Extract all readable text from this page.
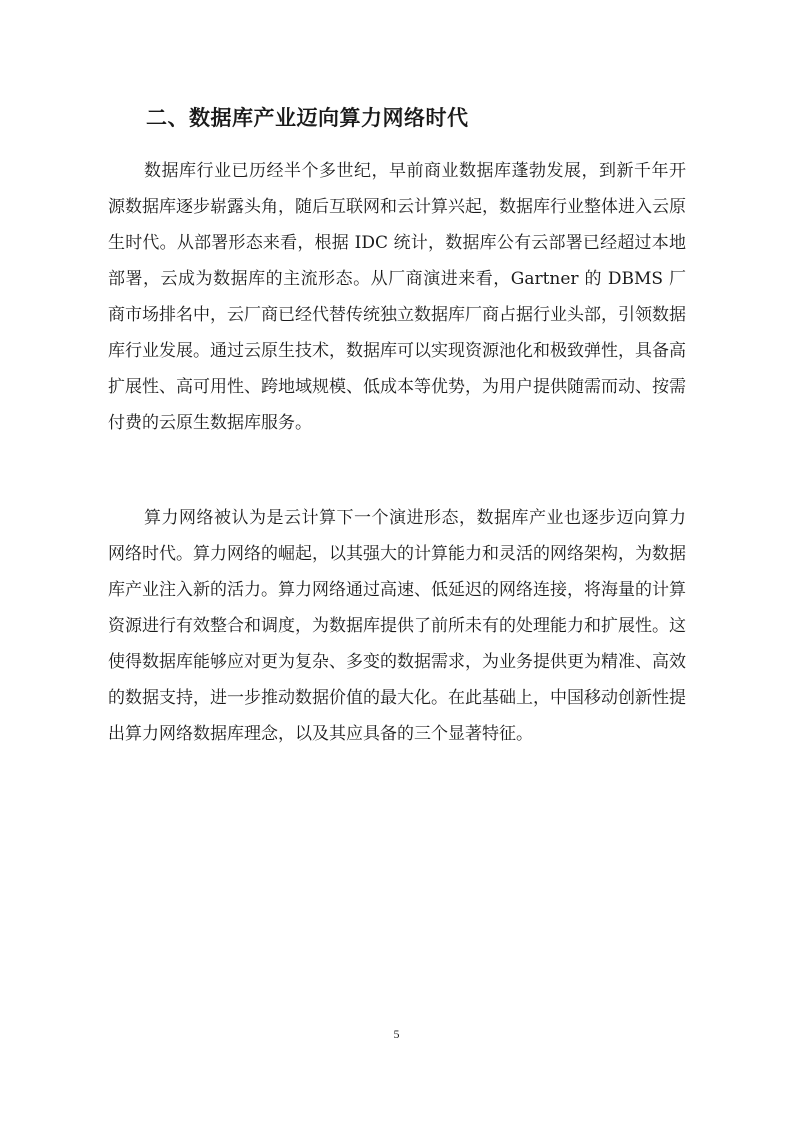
二、数据库产业迈向算力网络时代

数据库行业已历经半个多世纪，早前商业数据库蓬勃发展，到新千年开源数据库逐步崭露头角，随后互联网和云计算兴起，数据库行业整体进入云原生时代。从部署形态来看，根据 IDC 统计，数据库公有云部署已经超过本地部署，云成为数据库的主流形态。从厂商演进来看，Gartner 的 DBMS 厂商市场排名中，云厂商已经代替传统独立数据库厂商占据行业头部，引领数据库行业发展。通过云原生技术，数据库可以实现资源池化和极致弹性，具备高扩展性、高可用性、跨地域规模、低成本等优势，为用户提供随需而动、按需付费的云原生数据库服务。

算力网络被认为是云计算下一个演进形态，数据库产业也逐步迈向算力网络时代。算力网络的崛起，以其强大的计算能力和灵活的网络架构，为数据库产业注入新的活力。算力网络通过高速、低延迟的网络连接，将海量的计算资源进行有效整合和调度，为数据库提供了前所未有的处理能力和扩展性。这使得数据库能够应对更为复杂、多变的数据需求，为业务提供更为精准、高效的数据支持，进一步推动数据价值的最大化。在此基础上，中国移动创新性提出算力网络数据库理念，以及其应具备的三个显著特征。

5
